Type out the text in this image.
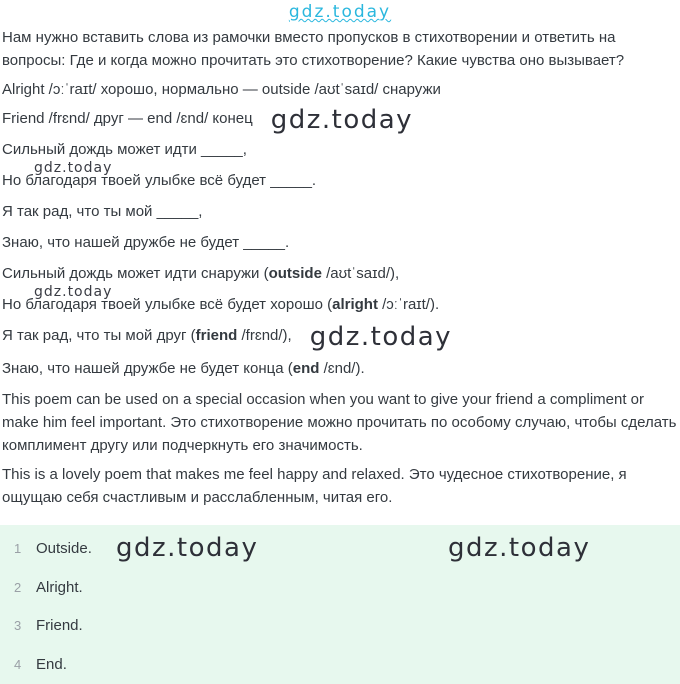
gdz.today

Нам нужно вставить слова из рамочки вместо пропусков в стихотворении и ответить на вопросы: Где и когда можно прочитать это стихотворение? Какие чувства оно вызывает?

Alright /ɔːˈraɪt/ хорошо, нормально — outside /aʊtˈsaɪd/ снаружи

Friend /frɛnd/ друг — end /ɛnd/ конец gdz.today

Сильный дождь может идти _____,

Но благодаря твоей улыбке всё будет _____.

Я так рад, что ты мой _____,

Знаю, что нашей дружбе не будет _____.

gdz.today
gdz.today

Сильный дождь может идти снаружи (outside /aʊtˈsaɪd/),

Но благодаря твоей улыбке всё будет хорошо (alright /ɔːˈraɪt/).

Я так рад, что ты мой друг (friend /frɛnd/), gdz.today

Знаю, что нашей дружбе не будет конца (end /ɛnd/).

This poem can be used on a special occasion when you want to give your friend a compliment or make him feel important. Это стихотворение можно прочитать по особому случаю, чтобы сделать комплимент другу или подчеркнуть его значимость.

This is a lovely poem that makes me feel happy and relaxed. Это чудесное стихотворение, я ощущаю себя счастливым и расслабленным, читая его.

1 Outside. gdz.today	gdz.today
2 Alright.
3 Friend.
4 End.
